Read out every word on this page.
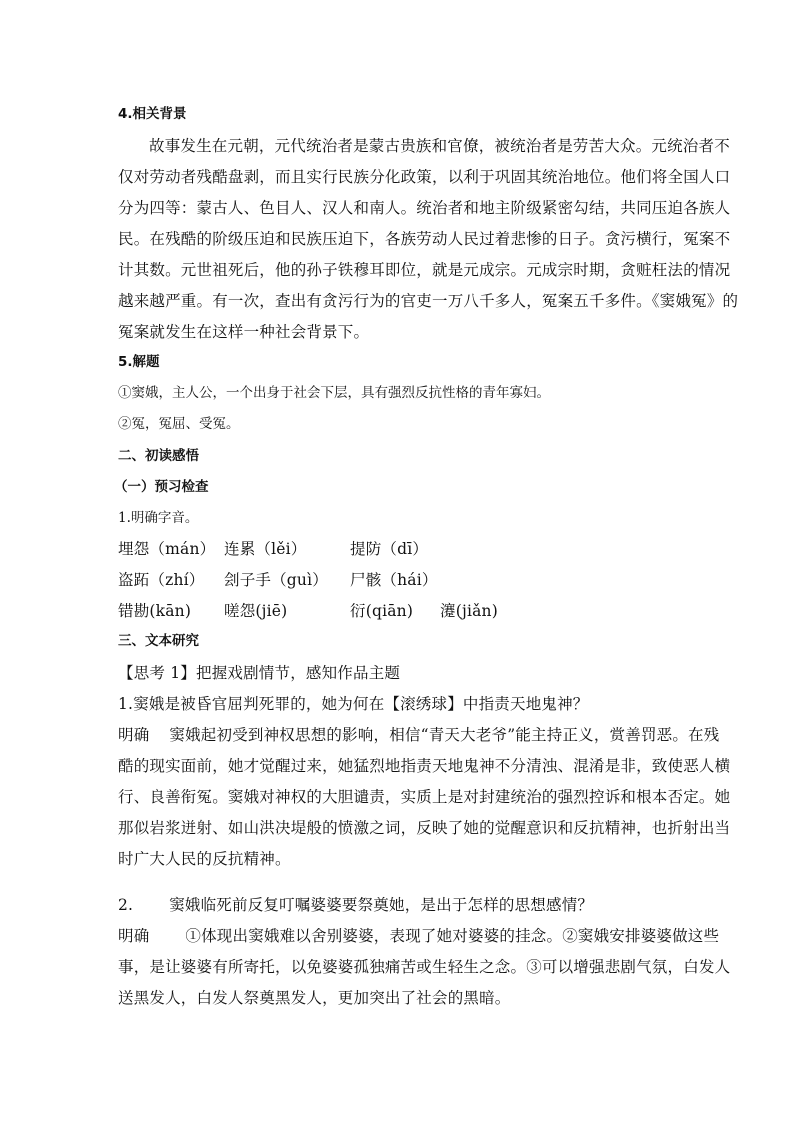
4.相关背景
故事发生在元朝，元代统治者是蒙古贵族和官僚，被统治者是劳苦大众。元统治者不
仅对劳动者残酷盘剥，而且实行民族分化政策，以利于巩固其统治地位。他们将全国人口
分为四等：蒙古人、色目人、汉人和南人。统治者和地主阶级紧密勾结，共同压迫各族人
民。在残酷的阶级压迫和民族压迫下，各族劳动人民过着悲惨的日子。贪污横行，冤案不
计其数。元世祖死后，他的孙子铁穆耳即位，就是元成宗。元成宗时期，贪赃枉法的情况
越来越严重。有一次，查出有贪污行为的官吏一万八千多人，冤案五千多件。《窦娥冤》的
冤案就发生在这样一种社会背景下。
5.解题
①窦娥，主人公，一个出身于社会下层，具有强烈反抗性格的青年寡妇。
②冤，冤屈、受冤。
二、初读感悟
（一）预习检查
1.明确字音。
埋怨（mán） 连累（lěi）	提防（dī）
盗跖（zhí） 刽子手（guì） 尸骸（hái）
错勘(kān) 嗟怨(jiē)	衍(qiān) 瀽(jiǎn)
三、文本研究
【思考 1】把握戏剧情节，感知作品主题
1.窦娥是被昏官屈判死罪的，她为何在【滚绣球】中指责天地鬼神？
明确 窦娥起初受到神权思想的影响，相信“青天大老爷”能主持正义，赏善罚恶。在残
酷的现实面前，她才觉醒过来，她猛烈地指责天地鬼神不分清浊、混淆是非，致使恶人横
行、良善衔冤。窦娥对神权的大胆谴责，实质上是对封建统治的强烈控诉和根本否定。她
那似岩浆迸射、如山洪决堤般的愤激之词，反映了她的觉醒意识和反抗精神，也折射出当
时广大人民的反抗精神。
2. 窦娥临死前反复叮嘱婆婆要祭奠她，是出于怎样的思想感情？
明确 ①体现出窦娥难以舍别婆婆，表现了她对婆婆的挂念。②窦娥安排婆婆做这些
事，是让婆婆有所寄托，以免婆婆孤独痛苦或生轻生之念。③可以增强悲剧气氛，白发人
送黑发人，白发人祭奠黑发人，更加突出了社会的黑暗。
